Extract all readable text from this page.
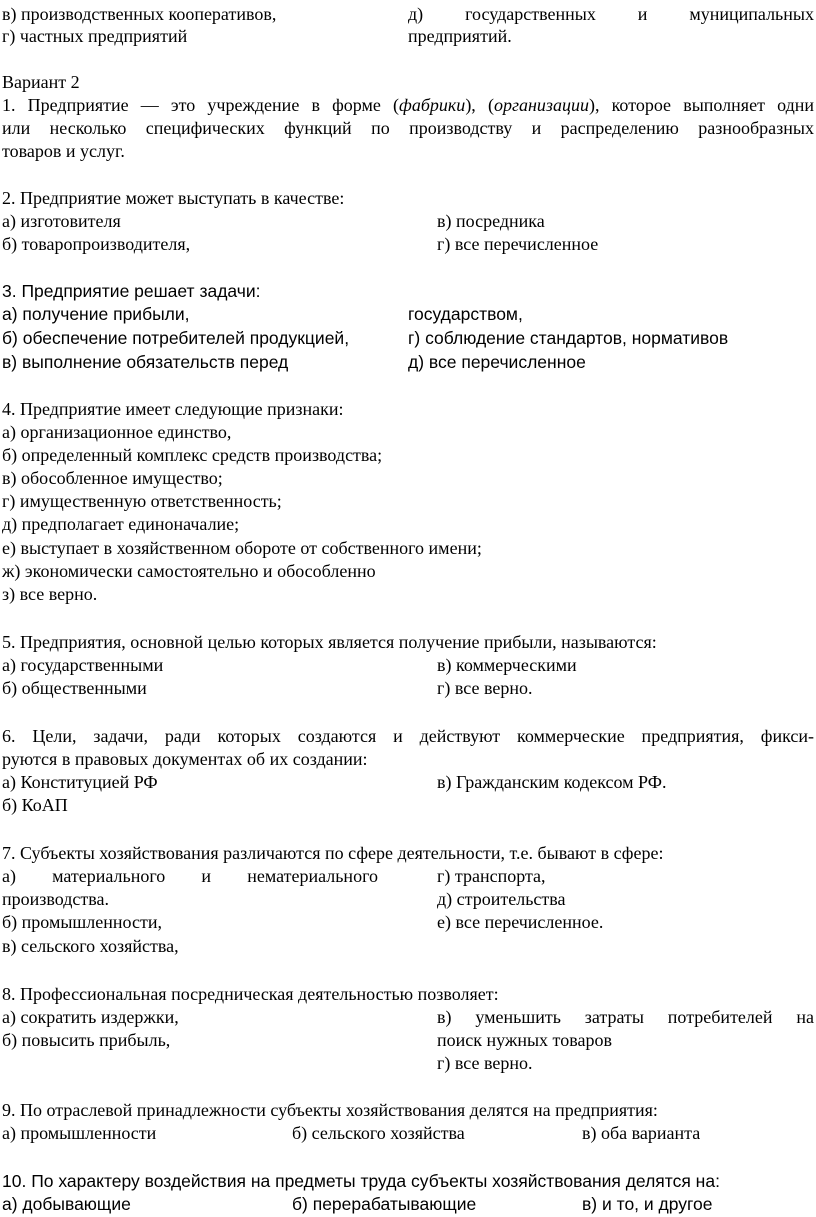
в) производственных кооперативов,
г) частных предприятий
д) государственных и муниципальных
предприятий.
Вариант 2
1. Предприятие — это учреждение в форме (фабрики), (организации), которое выполняет одни
или несколько специфических функций по производству и распределению разнообразных
товаров и услуг.
2. Предприятие может выступать в качестве:
а) изготовителя
б) товаропроизводителя,
в) посредника
г) все перечисленное
3. Предприятие решает задачи:
а) получение прибыли,
б) обеспечение потребителей продукцией,
в) выполнение обязательств перед
государством,
г) соблюдение стандартов, нормативов
д) все перечисленное
4. Предприятие имеет следующие признаки:
а) организационное единство,
б) определенный комплекс средств производства;
в) обособленное имущество;
г) имущественную ответственность;
д) предполагает единоначалие;
е) выступает в хозяйственном обороте от собственного имени;
ж) экономически самостоятельно и обособленно
з) все верно.
5. Предприятия, основной целью которых является получение прибыли, называются:
а) государственными
б) общественными
в) коммерческими
г) все верно.
6. Цели, задачи, ради которых создаются и действуют коммерческие предприятия, фикси-
руются в правовых документах об их создании:
а) Конституцией РФ
б) КоАП
в) Гражданским кодексом РФ.
7. Субъекты хозяйствования различаются по сфере деятельности, т.е. бывают в сфере:
а) материального и нематериального
производства.
б) промышленности,
в) сельского хозяйства,
г) транспорта,
д) строительства
е) все перечисленное.
8. Профессиональная посредническая деятельностью позволяет:
а) сократить издержки,
б) повысить прибыль,
в) уменьшить затраты потребителей на
поиск нужных товаров
г) все верно.
9. По отраслевой принадлежности субъекты хозяйствования делятся на предприятия:
а) промышленности	б) сельского хозяйства	в) оба варианта
10. По характеру воздействия на предметы труда субъекты хозяйствования делятся на:
а) добывающие	б) перерабатывающие	в) и то, и другое
